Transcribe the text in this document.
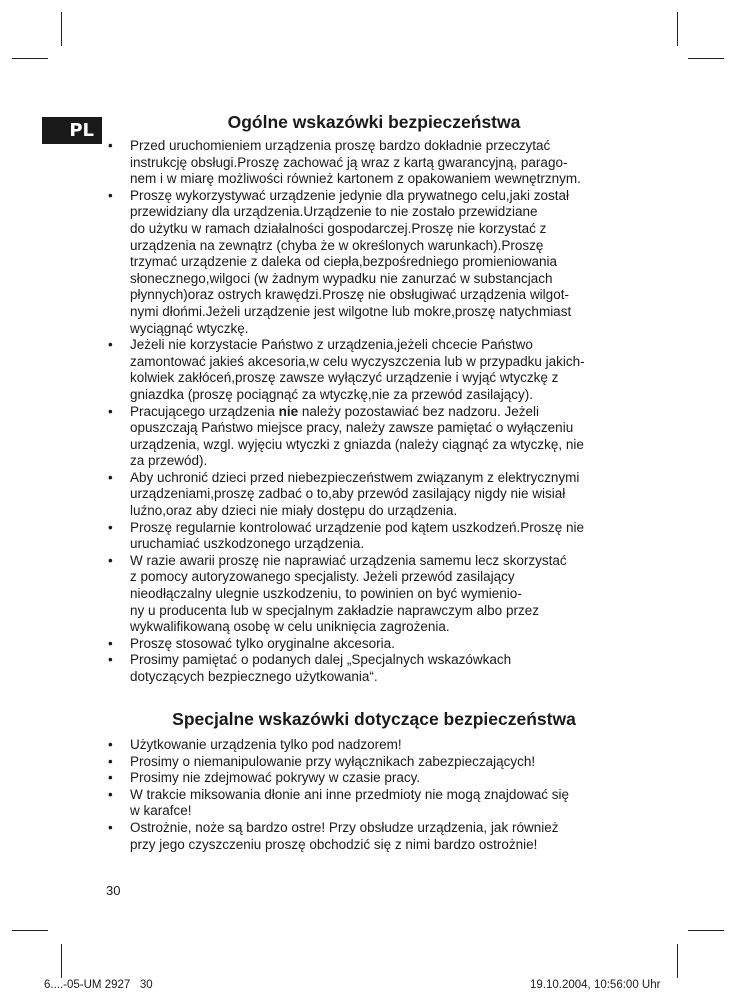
PL	Ogólne wskazówki bezpieczeństwa
• Przed uruchomieniem urządzenia proszę bardzo dokładnie przeczytać
instrukcję obsługi.Proszę zachować ją wraz z kartą gwarancyjną, parago-
nem i w miarę możliwości również kartonem z opakowaniem wewnętrznym.
• Proszę wykorzystywać urządzenie jedynie dla prywatnego celu,jaki został
przewidziany dla urządzenia.Urządzenie to nie zostało przewidziane
do użytku w ramach działalności gospodarczej.Proszę nie korzystać z
urządzenia na zewnątrz (chyba że w określonych warunkach).Proszę
trzymać urządzenie z daleka od ciepła,bezpośredniego promieniowania
słonecznego,wilgoci (w żadnym wypadku nie zanurzać w substancjach
płynnych)oraz ostrych krawędzi.Proszę nie obsługiwać urządzenia wilgot-
nymi dłońmi.Jeżeli urządzenie jest wilgotne lub mokre,proszę natychmiast
wyciągnąć wtyczkę.
• Jeżeli nie korzystacie Państwo z urządzenia,jeżeli chcecie Państwo
zamontować jakieś akcesoria,w celu wyczyszczenia lub w przypadku jakich-
kolwiek zakłóceń,proszę zawsze wyłączyć urządzenie i wyjąć wtyczkę z
gniazdka (proszę pociągnąć za wtyczkę,nie za przewód zasilający).
• Pracującego urządzenia nie należy pozostawiać bez nadzoru. Jeżeli
opuszczają Państwo miejsce pracy, należy zawsze pamiętać o wyłączeniu
urządzenia, wzgl. wyjęciu wtyczki z gniazda (należy ciągnąć za wtyczkę, nie
za przewód).
• Aby uchronić dzieci przed niebezpieczeństwem związanym z elektrycznymi
urządzeniami,proszę zadbać o to,aby przewód zasilający nigdy nie wisiał
luźno,oraz aby dzieci nie miały dostępu do urządzenia.
• Proszę regularnie kontrolować urządzenie pod kątem uszkodzeń.Proszę nie
uruchamiać uszkodzonego urządzenia.
• W razie awarii proszę nie naprawiać urządzenia samemu lecz skorzystać
z pomocy autoryzowanego specjalisty. Jeżeli przewód zasilający
nieodłączalny ulegnie uszkodzeniu, to powinien on być wymienio-
ny u producenta lub w specjalnym zakładzie naprawczym albo przez
wykwalifikowaną osobę w celu uniknięcia zagrożenia.
• Proszę stosować tylko oryginalne akcesoria.
• Prosimy pamiętać o podanych dalej „Specjalnych wskazówkach
dotyczących bezpiecznego użytkowania“.
Specjalne wskazówki dotyczące bezpieczeństwa
• Użytkowanie urządzenia tylko pod nadzorem!
• Prosimy o niemanipulowanie przy wyłącznikach zabezpieczających!
• Prosimy nie zdejmować pokrywy w czasie pracy.
• W trakcie miksowania dłonie ani inne przedmioty nie mogą znajdować się
w karafce!
• Ostrożnie, noże są bardzo ostre! Przy obsłudze urządzenia, jak również
przy jego czyszczeniu proszę obchodzić się z nimi bardzo ostrożnie!
30
6....-05-UM 2927   30	19.10.2004, 10:56:00 Uhr
